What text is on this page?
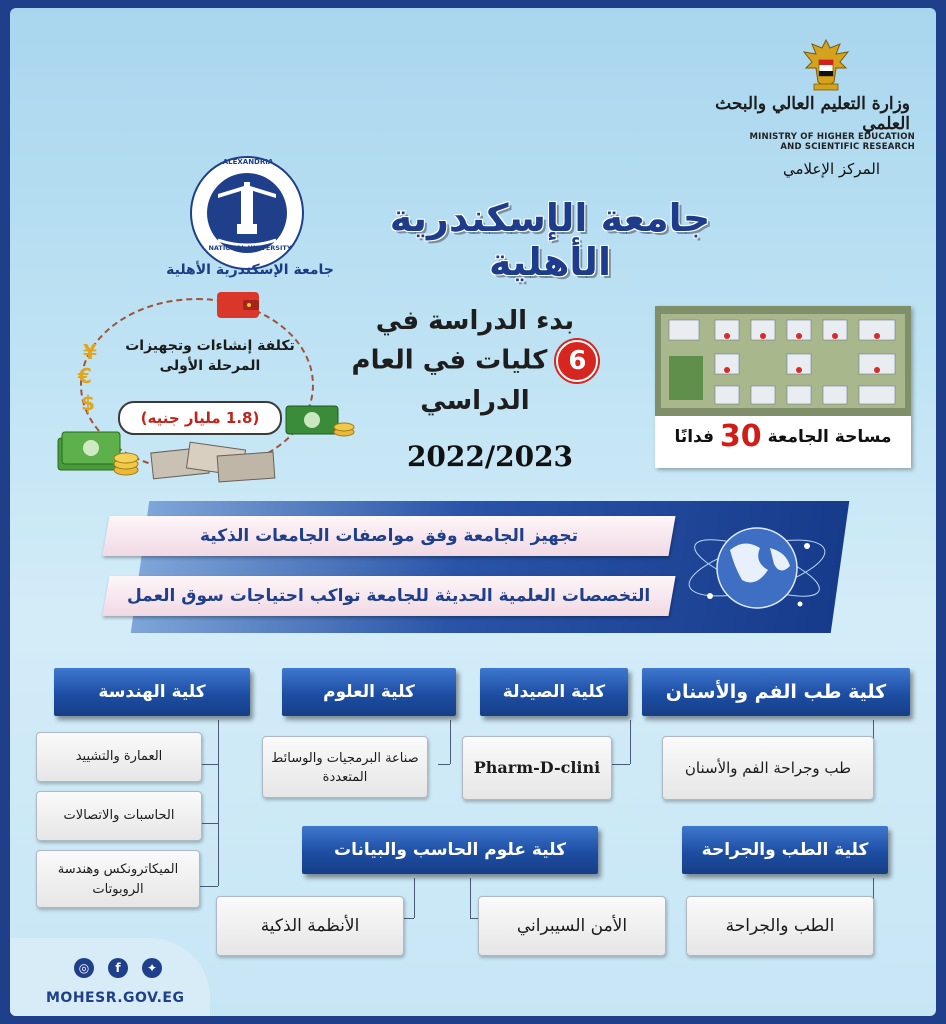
وزارة التعليم العالي والبحث العلمي
MINISTRY OF HIGHER EDUCATION
AND SCIENTIFIC RESEARCH
المركز الإعلامي
ALEXANDRIA
NATIONAL UNIVERSITY
جامعة الإسكندرية الأهلية
جامعة الإسكندرية الأهلية
¥
€
$
تكلفة إنشاءات وتجهيزات
المرحلة الأولى
(1.8 مليار جنيه)
بدء الدراسة في
6 كليات في العام
الدراسي
2022/2023
مساحة الجامعة 30 فدانًا
تجهيز الجامعة وفق مواصفات الجامعات الذكية
التخصصات العلمية الحديثة للجامعة تواكب احتياجات سوق العمل
كلية طب الفم والأسنان
كلية الصيدلة
كلية العلوم
كلية الهندسة
طب وجراحة الفم والأسنان
Pharm-D-clini
صناعة البرمجيات والوسائط المتعددة
العمارة والتشييد
الحاسبات والاتصالات
الميكاترونكس وهندسة الروبوتات
كلية الطب والجراحة
كلية علوم الحاسب والبيانات
الطب والجراحة
الأمن السيبراني
الأنظمة الذكية
◎	f	✦
MOHESR.GOV.EG
